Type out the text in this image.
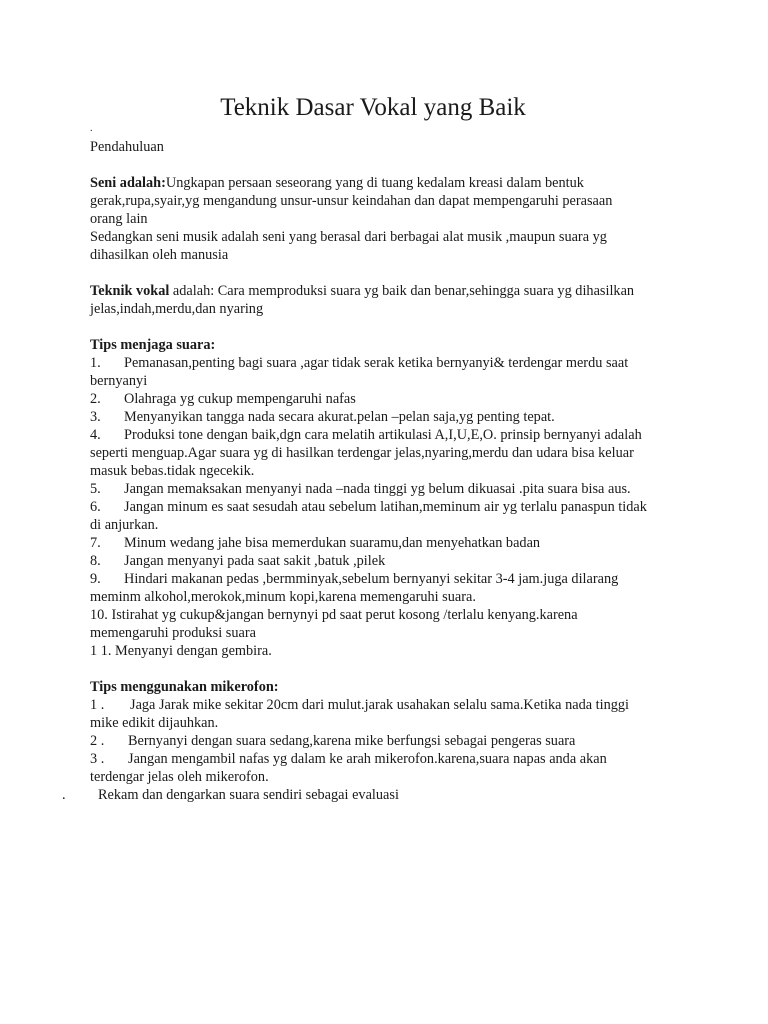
Teknik Dasar Vokal yang Baik
.
Pendahuluan
Seni adalah:Ungkapan persaan seseorang yang di tuang kedalam kreasi dalam bentuk
gerak,rupa,syair,yg mengandung unsur-unsur keindahan dan dapat mempengaruhi perasaan
orang lain
Sedangkan seni musik adalah seni yang berasal dari berbagai alat musik ,maupun suara yg
dihasilkan oleh manusia
Teknik vokal adalah: Cara memproduksi suara yg baik dan benar,sehingga suara yg dihasilkan
jelas,indah,merdu,dan nyaring
Tips menjaga suara:
1. Pemanasan,penting bagi suara ,agar tidak serak ketika bernyanyi& terdengar merdu saat
bernyanyi
2. Olahraga yg cukup mempengaruhi nafas
3. Menyanyikan tangga nada secara akurat.pelan –pelan saja,yg penting tepat.
4. Produksi tone dengan baik,dgn cara melatih artikulasi A,I,U,E,O. prinsip bernyanyi adalah
seperti menguap.Agar suara yg di hasilkan terdengar jelas,nyaring,merdu dan udara bisa keluar
masuk bebas.tidak ngecekik.
5. Jangan memaksakan menyanyi nada –nada tinggi yg belum dikuasai .pita suara bisa aus.
6. Jangan minum es saat sesudah atau sebelum latihan,meminum air yg terlalu panaspun tidak
di anjurkan.
7. Minum wedang jahe bisa memerdukan suaramu,dan menyehatkan badan
8. Jangan menyanyi pada saat sakit ,batuk ,pilek
9. Hindari makanan pedas ,bermminyak,sebelum bernyanyi sekitar 3-4 jam.juga dilarang
meminm alkohol,merokok,minum kopi,karena memengaruhi suara.
10. Istirahat yg cukup&jangan bernynyi pd saat perut kosong /terlalu kenyang.karena
memengaruhi produksi suara
1 1. Menyanyi dengan gembira.
Tips menggunakan mikerofon:
1 . Jaga Jarak mike sekitar 20cm dari mulut.jarak usahakan selalu sama.Ketika nada tinggi
mike edikit dijauhkan.
2 . Bernyanyi dengan suara sedang,karena mike berfungsi sebagai pengeras suara
3 . Jangan mengambil nafas yg dalam ke arah mikerofon.karena,suara napas anda akan
terdengar jelas oleh mikerofon.
. Rekam dan dengarkan suara sendiri sebagai evaluasi
